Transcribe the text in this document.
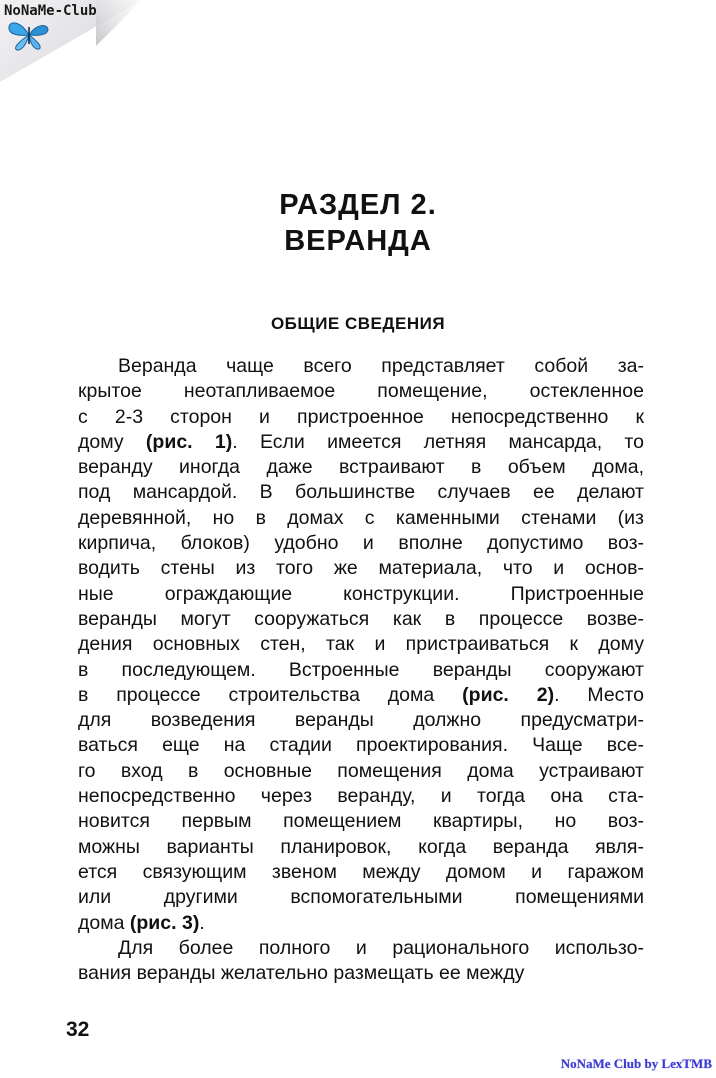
NoNaMe-Club
РАЗДЕЛ 2.
ВЕРАНДА
ОБЩИЕ СВЕДЕНИЯ
Веранда чаще всего представляет собой за-
крытое неотапливаемое помещение, остекленное
с 2-3 сторон и пристроенное непосредственно к
дому (рис. 1). Если имеется летняя мансарда, то
веранду иногда даже встраивают в объем дома,
под мансардой. В большинстве случаев ее делают
деревянной, но в домах с каменными стенами (из
кирпича, блоков) удобно и вполне допустимо воз-
водить стены из того же материала, что и основ-
ные ограждающие конструкции. Пристроенные
веранды могут сооружаться как в процессе возве-
дения основных стен, так и пристраиваться к дому
в последующем. Встроенные веранды сооружают
в процессе строительства дома (рис. 2). Место
для возведения веранды должно предусматри-
ваться еще на стадии проектирования. Чаще все-
го вход в основные помещения дома устраивают
непосредственно через веранду, и тогда она ста-
новится первым помещением квартиры, но воз-
можны варианты планировок, когда веранда явля-
ется связующим звеном между домом и гаражом
или другими вспомогательными помещениями
дома (рис. 3).
Для более полного и рационального использо-
вания веранды желательно размещать ее между
32
NoNaMe Club by LexTMB
